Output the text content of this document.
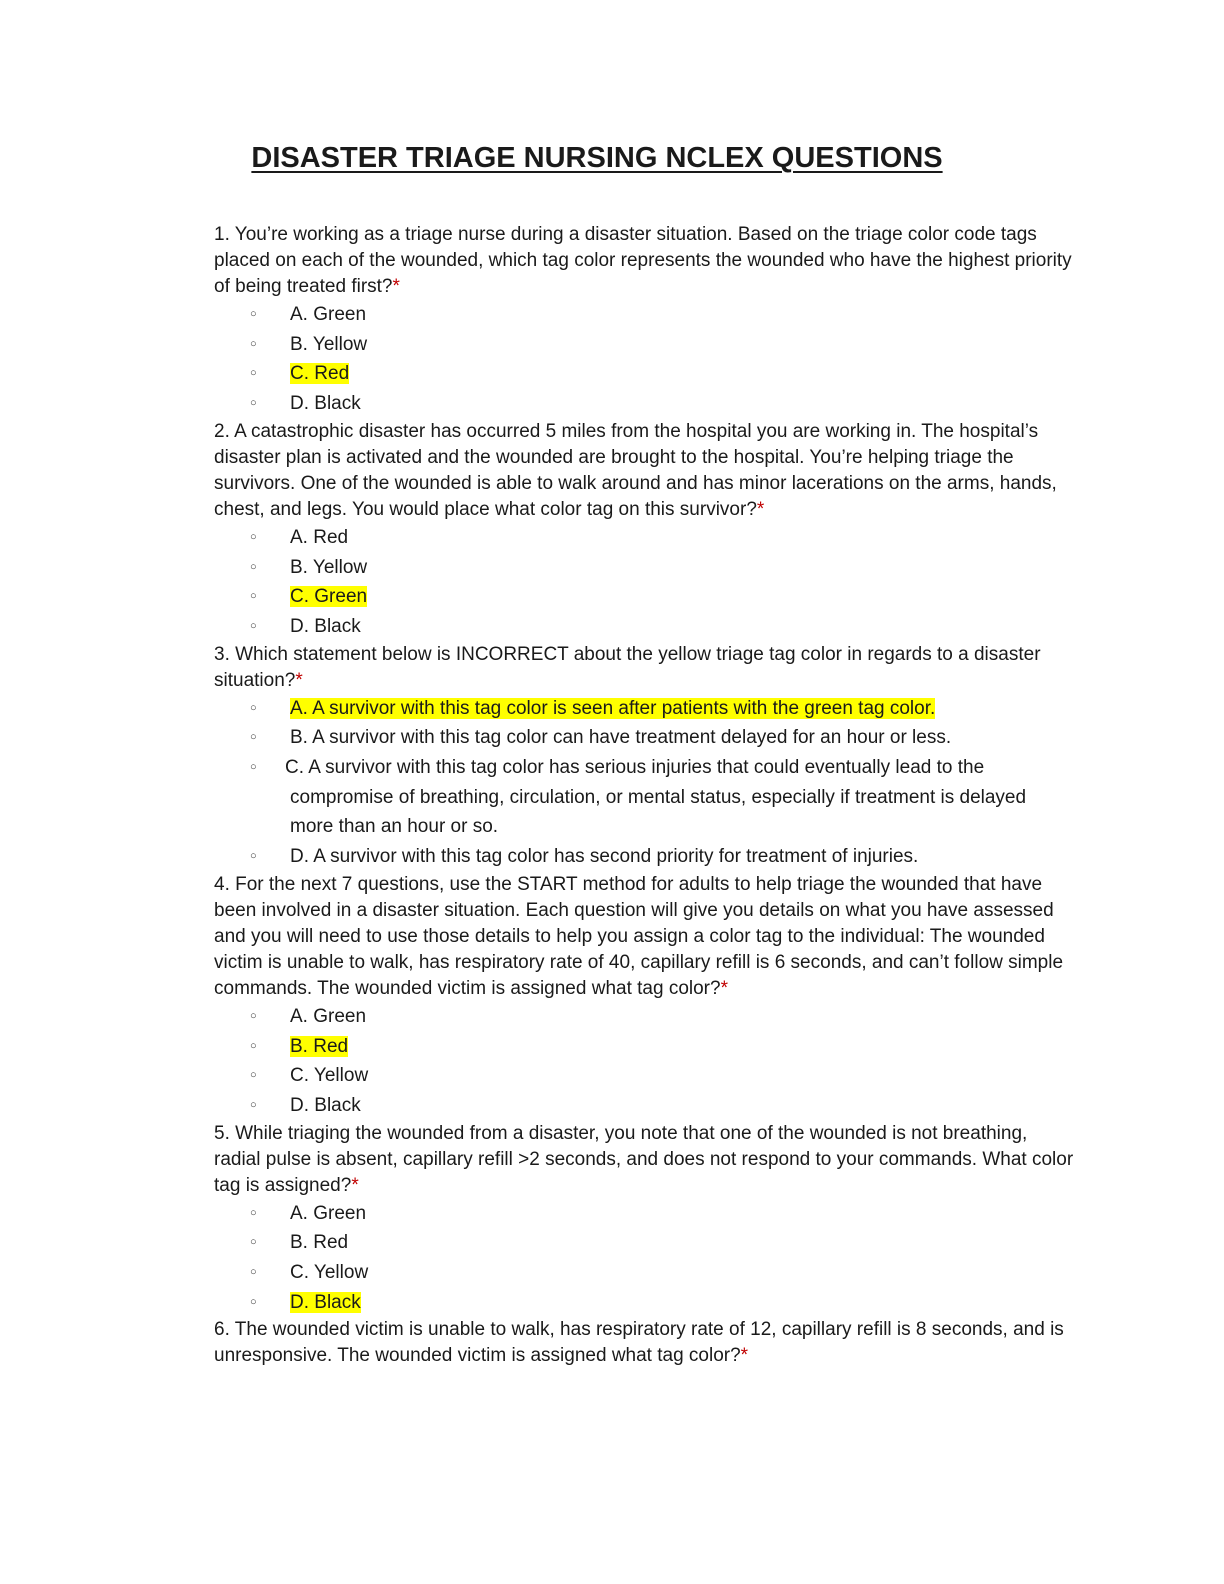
DISASTER TRIAGE NURSING NCLEX QUESTIONS

1. You’re working as a triage nurse during a disaster situation. Based on the triage color code tags placed on each of the wounded, which tag color represents the wounded who have the highest priority of being treated first?*

○ A. Green
○ B. Yellow
○ C. Red
○ D. Black

2. A catastrophic disaster has occurred 5 miles from the hospital you are working in. The hospital’s disaster plan is activated and the wounded are brought to the hospital. You’re helping triage the survivors. One of the wounded is able to walk around and has minor lacerations on the arms, hands, chest, and legs. You would place what color tag on this survivor?*

○ A. Red
○ B. Yellow
○ C. Green
○ D. Black

3. Which statement below is INCORRECT about the yellow triage tag color in regards to a disaster situation?*

○ A. A survivor with this tag color is seen after patients with the green tag color.
○ B. A survivor with this tag color can have treatment delayed for an hour or less.
○ C. A survivor with this tag color has serious injuries that could eventually lead to the compromise of breathing, circulation, or mental status, especially if treatment is delayed more than an hour or so.
○ D. A survivor with this tag color has second priority for treatment of injuries.

4. For the next 7 questions, use the START method for adults to help triage the wounded that have been involved in a disaster situation. Each question will give you details on what you have assessed and you will need to use those details to help you assign a color tag to the individual: The wounded victim is unable to walk, has respiratory rate of 40, capillary refill is 6 seconds, and can’t follow simple commands. The wounded victim is assigned what tag color?*

○ A. Green
○ B. Red
○ C. Yellow
○ D. Black

5. While triaging the wounded from a disaster, you note that one of the wounded is not breathing, radial pulse is absent, capillary refill >2 seconds, and does not respond to your commands. What color tag is assigned?*

○ A. Green
○ B. Red
○ C. Yellow
○ D. Black

6. The wounded victim is unable to walk, has respiratory rate of 12, capillary refill is 8 seconds, and is unresponsive. The wounded victim is assigned what tag color?*
